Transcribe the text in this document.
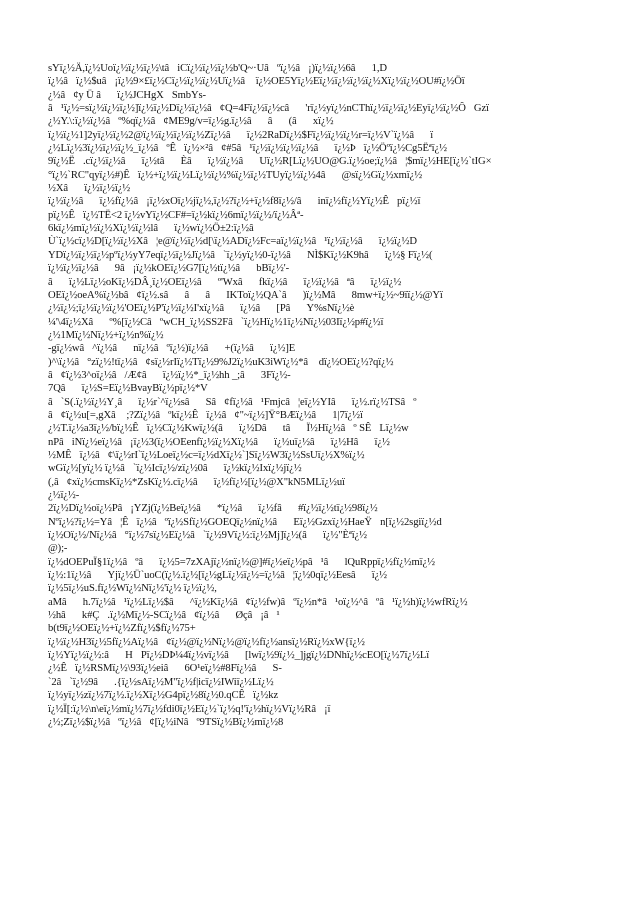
sYï¿½Ä,ï¿½Uoï¿½ï¿½ï¿½\tâ iCï¿½ï¿½ï¿½b'Q~·Uâ ºï¿½â ¡)ï¿½ï¿½6â  1,D
ï¿½â ï¿½$uâ ¡ï¿½9×£ï¿½Cï¿½ï¿½ï¿½Uï¿½â  ï¿½OE5Yï¿½Eï¿½ï¿½ï¿½ï¿½Xï¿½ï¿½OU#ï¿½Öï
¿½â ¢y Ü â  ï¿½JCHgX SmbYs-
â ¹ï¿½=sï¿½ï¿½ï¿½]ï¿½ï¿½Dï¿½ï¿½â ¢Q=4Fï¿½ï¿½câ  'rï¿½yï¿½nCThï¿½ï¿½ï¿½Eyï¿½ï¿½Ô Gzï
¿½Y.\:ï¿½ï¿½â º%qï¿½â ¢ME9g/v=ï¿½g.ï¿½â  â  (â  xï¿½
ï¿½ï¿½1]2yï¿½ï¿½2@ï¿½ï¿½ï¿½ï¿½Zï¿½â  ï¿½2RaDï¿½$Fï¿½ï¿½ï¿½r=ï¿½V`ï¿½â  ï
¿½Lï¿½3ï¿½ï¿½ï¿½_ï¿½â ºÊ ï¿½×²â ¢#5â ¹ï¿½ï¿½ï¿½ï¿½â  ï¿½Þ ï¿½Öºï¿½Cg5Ëªï¿½
9ï¿½Ë .cï¿½ï¿½â  ï¿½tâ  Èâ  ï¿½ï¿½â  Uï¿½R[Lï¿½UO@G.ï¿½oe;ï¿½â ¦$mï¿½HE[ï¿½`tIG×
°ï¿½`RC"qyï¿½#)Ê ï¿½+ï¿½ï¿½Lï¿½ï¿½%ï¿½ï¿½TUyï¿½ï¿½4â  @sï¿½Gï¿½xmï¿½
½Xâ  ï¿½ï¿½ï¿½
ï¿½ï¿½â  ï¿½fï¿½â ¡ï¿½xOï¿½jï¿½,ï¿½?ï¿½+ï¿½f8ï¿½/â  inï¿½fï¿½Yï¿½Ê pï¿½ï
pï¿½Ê ï¿½TË<2 ï¿½vYï¿½CF#=ï¿½kï¿½6mï¿½ï¿½/ï¿½Âª-
6kï¿½mï¿½ï¿½Xï¿½ï¿½lâ  ï¿½wï¿½Ö±2:ï¿½â  
Ù`ï¿½cï¿½D[ï¿½ï¿½Xâ ¦e@ï¿½ï¿½d[\ï¿½ADï¿½Fc=aï¿½ï¿½â ¹ï¿½ï¿½â  ï¿½ï¿½D
YDï¿½ï¿½ï¿½pºï¿½yY7eqï¿½ï¿½Jï¿½â `ï¿½yï¿½0-ï¿½â  NÌ$Kï¿½K9hâ  ï¿½§ Fï¿½(
ï¿½ï¿½ï¿½â  9â ¡ï¿½kOEï¿½G7[ï¿½tï¿½â  bBï¿½'-
â  ï¿½Lï¿½oKï¿½DÂ¸ï¿½OEï¿½â  º'Wxâ  fkï¿½â  ï¿½ï¿½â ªâ  ï¿½ï¿½
OEï¿½oeA%ï¿½bâ ¢ï¿½.sâ  â  â  IKToï¿½QA`â  )ï¿½Mâ  8mw+ï¿½~9ïï¿½@Yï
¿½ï¿½;ï¿½ï¿½ï¿½'OEï¿½P'ï¿½ï¿½I'xï¿½â  ï¿½â  [Pâ  Y%sNï¿½è
¼'\4ï¿½Xâ  º%[ï¿½Câ ºwCH_ï¿½SS2Fâ `ï¿½Hï¿½1ï¿½Nï¿½03Iï¿½p#ï¿½ï
¿½1Mï¿½Nï¿½+ï¿½n%ï¿½
-gï¿½wâ ^ï¿½â  nï¿½â ºï¿½)ï¿½â  +(ï¿½â  ï¿½]E
)^\ï¿½â °zï¿½!tï¿½â ¢sï¿½rIï¿½Tï¿½9%J2ï¿½uK3iWï¿½*â  dï¿½OEï¿½?qï¿½
â ¢ï¿½3^oï¿½â /Æ¢â  ï¿½ï¿½*_ï¿½hh _;â  3Fï¿½-
7Qâ  ï¿½S=Eï¿½BvayBï¿½pï¿½*V
â `S(.ï¿½ï¿½Y¸â  ï¿½r`^ï¿½sâ  Sâ ¢fï¿½â ¹Fmjcâ ¦eï¿½YIâ  ï¿½.rï¿½TSâ º
â ¢ï¿½u[=,gXâ  ;?Zï¿½â ºkï¿½Ê ï¿½â ¢"~ï¿½]Ÿ°BÆï¿½â  1|7ï¿½ï
¿½T.ï¿½a3ï¿½/bï¿½Ê ï¿½Cï¿½Kwï¿½(â  ï¿½Dâ  tâ  Ï½Hï¿½â º SÊ Lï¿½w
nPâ iNï¿½eï¿½â ¡ï¿½3(ï¿½OEenfï¿½ï¿½Xï¿½â  ï¿½uï¿½â  ï¿½Hâ  ï¿½
½MÊ ï¿½â ¢\ï¿½rI`ï¿½Loeï¿½c=ï¿½dXï¿½`]Sï¿½W3ï¿½SsUï¿½X%ï¿½
wGï¿½[yï¿½ ï¿½â `ï¿½Icï¿½/zï¿½0â  ï¿½kï¿½Ixï¿½jï¿½
(,â ¢xï¿½cmsKï¿½*ZsKï¿½.cï¿½â  ï¿½fï¿½[ï¿½@X"kN5MLï¿½uï
¿½ï¿½-
2ï¿½Dï¿½oï¿½Pâ ¡YZj(ï¿½Beï¿½â  *ï¿½â  ï¿½fâ  #ï¿½ï¿½tï¿½98ï¿½
Nºï¿½?ï¿½=Yâ ¦Ê ï¿½â ºï¿½Sfï¿½GOEQï¿½nï¿½â  Eï¿½Gzxï¿½HaeŸ n[ï¿½2sgiï¿½d
ï¿½Oï¿½/Nï¿½â °ï¿½7sï¿½Eï¿½â `ï¿½9Vï¿½:ï¿½Mj]ï¿½(â  ï¿½"Èªï¿½
@);-
ï¿½dOEPuÏ§1ï¿½â ºâ  ï¿½5=7zXAjï¿½nï¿½@]#ï¿½eï¿½pâ ¹â  lQuRppï¿½fï¿½mï¿½
ï¿½:1ï¿½â  Yjï¿½Ü`uoC(ï¿½.ï¿½[ï¿½gLï¿½ï¿½=ï¿½â ¦ï¿½0qï¿½Eesâ  ï¿½
ï¿½5ï¿½uS.fï¿½Wï¿½Nï¿½'ï¿½ ï¿½ï¿½,
aMâ  h.7ï¿½â ¹ï¿½Lï¿½$â  ^ï¿½Kï¿½â ¢ï¿½fw)â ºï¿½n*â ¹oï¿½^â ºâ ¹ï¿½h)ï¿½wfRï¿½
½hâ  k#Ç .ï¿½Mï¿½-SCï¿½â ¢ï¿½â  Øçâ ¡â ¹
b(t9ï¿½OEï¿½+ï¿½Zfï¿½$fï¿½75+
ï¿½ï¿½H3ï¿½5fï¿½Aï¿½â ¢ï¿½@ï¿½Nï¿½@ï¿½fï¿½ansï¿½Rï¿½xW{ï¿½
ï¿½Yï¿½ï¿½:â  H Pï¿½DÞ¼4ï¿½vï¿½â  [lwï¿½9ï¿½_]jgï¿½DNhï¿½cEO[ï¿½7ï¿½Lï
¿½Ê ï¿½RSMï¿½\93ï¿½eiâ  6O¹eï¿½#8Fï¿½â  S-
`2â `ï¿½9â  .{ï¿½sAï¿½M"ï¿½f|icï¿½IWiï¿½Lï¿½
ï¿½yï¿½zï¿½7ï¿½.ï¿½Xï¿½G4pï¿½8ï¿½0.qCÊ ï¿½kz
ï¿½Ï[:ï¿½\n\eï¿½mï¿½7ï¿½fdi0ï¿½Eï¿½`ï¿½q!'ï¿½hï¿½Vï¿½Râ ¡ï
¿½;Zï¿½$ï¿½â ºï¿½â ¢[ï¿½iNâ º9TSï¿½Bï¿½mï¿½8
